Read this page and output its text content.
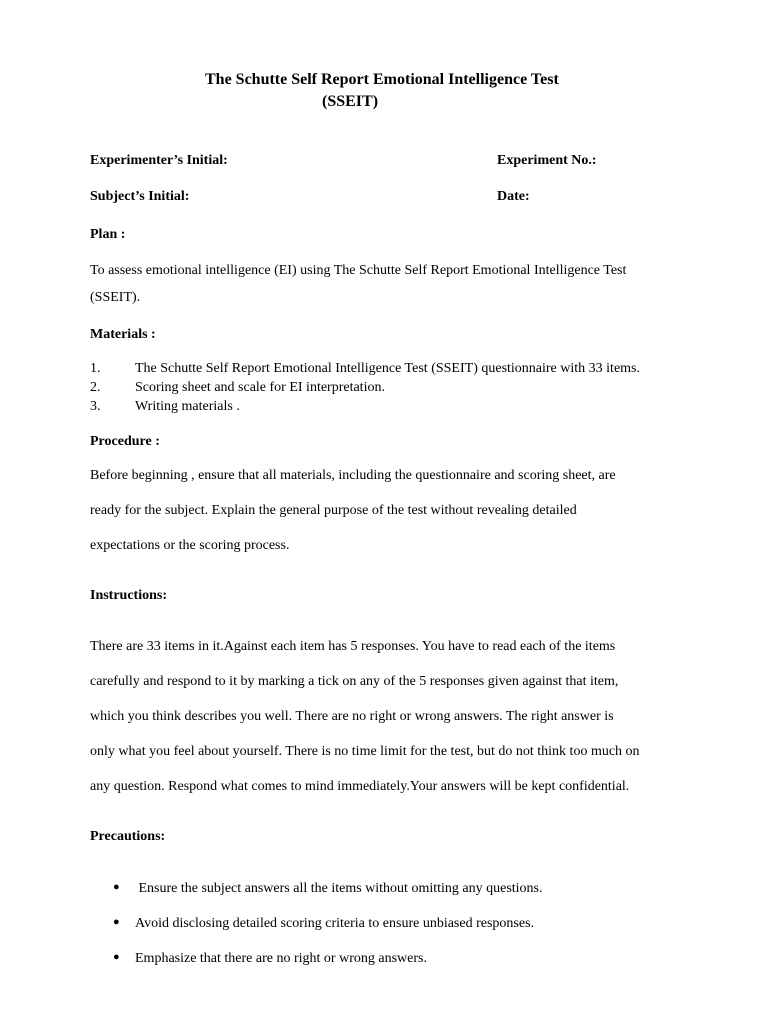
The Schutte Self Report Emotional Intelligence Test
(SSEIT)
Experimenter’s Initial:	Experiment No.:
Subject’s Initial:	Date:
Plan :
To assess emotional intelligence (EI) using The Schutte Self Report Emotional Intelligence Test
(SSEIT).
Materials :
1. The Schutte Self Report Emotional Intelligence Test (SSEIT) questionnaire with 33 items.
2. Scoring sheet and scale for EI interpretation.
3. Writing materials .
Procedure :
Before beginning , ensure that all materials, including the questionnaire and scoring sheet, are
ready for the subject. Explain the general purpose of the test without revealing detailed
expectations or the scoring process.
Instructions:
There are 33 items in it.Against each item has 5 responses. You have to read each of the items
carefully and respond to it by marking a tick on any of the 5 responses given against that item,
which you think describes you well. There are no right or wrong answers. The right answer is
only what you feel about yourself. There is no time limit for the test, but do not think too much on
any question. Respond what comes to mind immediately.Your answers will be kept confidential.
Precautions:
● Ensure the subject answers all the items without omitting any questions.
● Avoid disclosing detailed scoring criteria to ensure unbiased responses.
● Emphasize that there are no right or wrong answers.
